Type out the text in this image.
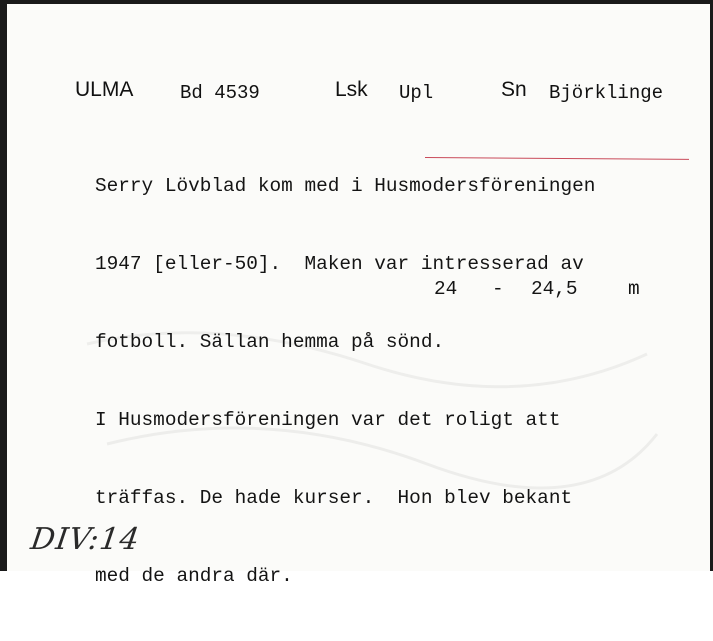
ULMA Bd 4539	Lsk Upl	Sn Björklinge

Serry Lövblad kom med i Husmodersföreningen

1947 [eller-50].  Maken var intresserad av

fotboll. Sällan hemma på sönd.

I Husmodersföreningen var det roligt att

träffas. De hade kurser.  Hon blev bekant

med de andra där.

24 - 24,5	m
DIV:14
